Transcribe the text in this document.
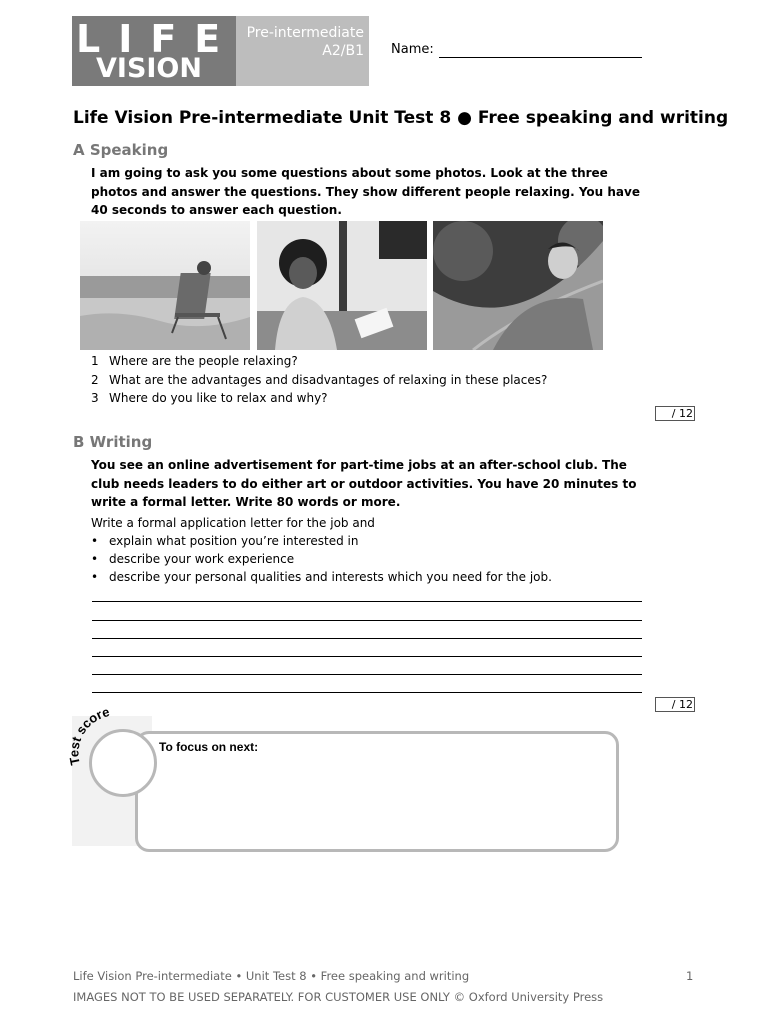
LIFE
VISION
Pre-intermediate
A2/B1 Name:
Life Vision Pre-intermediate Unit Test 8 ● Free speaking and writing
A Speaking
I am going to ask you some questions about some photos. Look at the three photos and answer the questions. They show different people relaxing. You have 40 seconds to answer each question.
1 Where are the people relaxing?
2 What are the advantages and disadvantages of relaxing in these places?
3 Where do you like to relax and why?
/ 12
B Writing
You see an online advertisement for part-time jobs at an after-school club. The club needs leaders to do either art or outdoor activities. You have 20 minutes to write a formal letter. Write 80 words or more.
Write a formal application letter for the job and
• explain what position you’re interested in
• describe your work experience
• describe your personal qualities and interests which you need for the job.
/ 12
To focus on next:
Test score
Life Vision Pre-intermediate • Unit Test 8 • Free speaking and writing	1
IMAGES NOT TO BE USED SEPARATELY. FOR CUSTOMER USE ONLY © Oxford University Press
